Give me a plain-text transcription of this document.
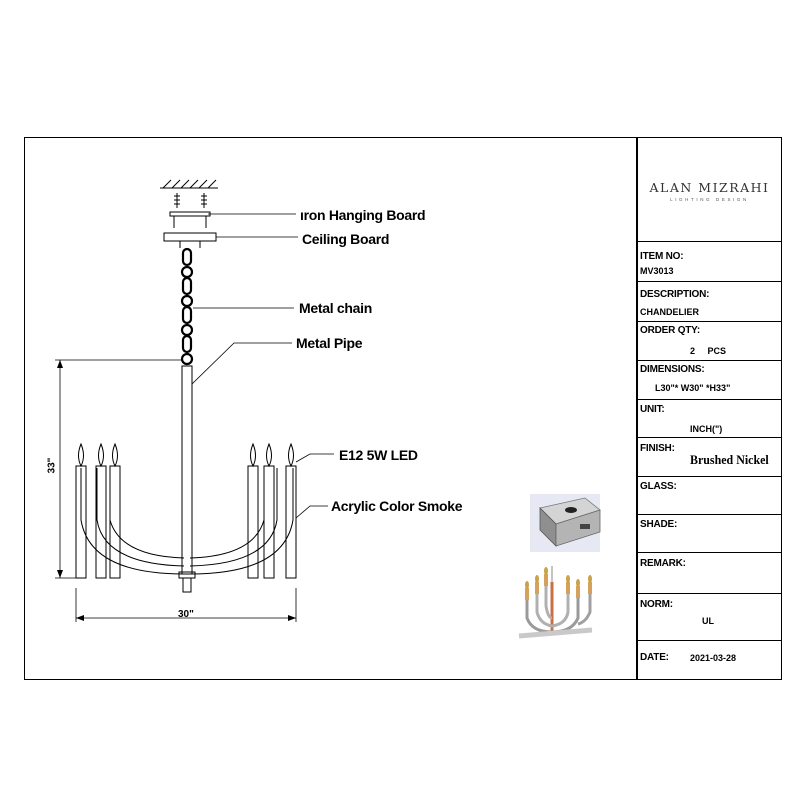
ALAN MIZRAHI
LIGHTING DESIGN
ITEM NO:
MV3013
DESCRIPTION:
CHANDELIER
ORDER QTY:
2     PCS
DIMENSIONS:
L30"* W30" *H33"
UNIT:
INCH(")
FINISH:
Brushed Nickel
GLASS:
SHADE:
REMARK:
NORM:
UL
DATE: 2021-03-28
ıron Hanging Board
Ceiling Board
Metal chain
Metal Pipe
E12 5W LED
Acrylic Color Smoke
33"
30"
